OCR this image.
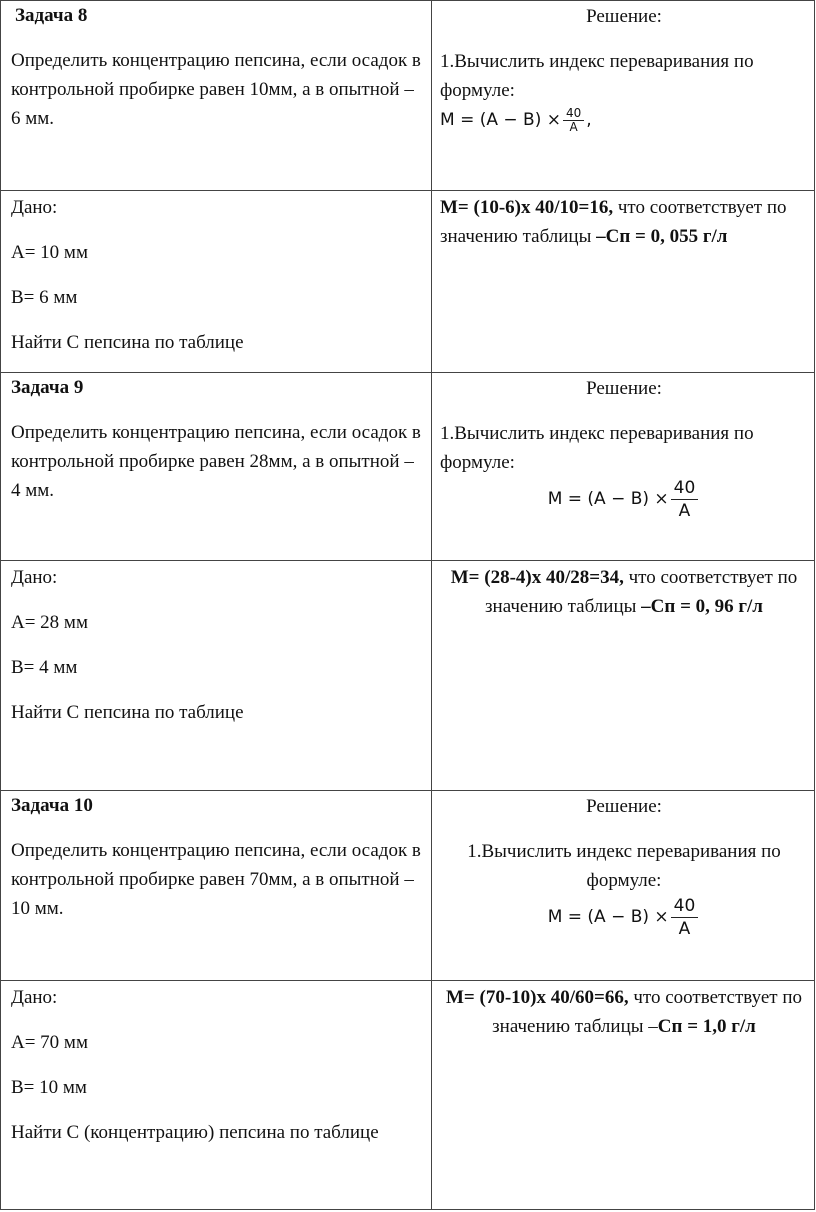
Задача 8
Определить концентрацию пепсина, если осадок в контрольной пробирке равен 10мм, а в опытной – 6 мм.
Решение:
1.Вычислить индекс переваривания по формуле:
$M = (A - B) \times \frac{40}{A}$ ,
Дано:
А= 10 мм
В= 6 мм
Найти С пепсина по таблице
М= (10-6)х 40/10=16, что соответствует по значению таблицы –Сп = 0, 055 г/л
Задача 9
Определить концентрацию пепсина, если осадок в контрольной пробирке равен 28мм, а в опытной – 4 мм.
Решение:
1.Вычислить индекс переваривания по формуле:
$M = (A - B) \times \frac{40}{A}$
Дано:
А= 28 мм
В= 4 мм
Найти С пепсина по таблице
М= (28-4)х 40/28=34, что соответствует по значению таблицы –Сп = 0, 96 г/л
Задача 10
Определить концентрацию пепсина, если осадок в контрольной пробирке равен 70мм, а в опытной – 10 мм.
Решение:
1.Вычислить индекс переваривания по формуле:
$M = (A - B) \times \frac{40}{A}$
Дано:
А= 70 мм
В= 10 мм
Найти С (концентрацию) пепсина по таблице
М= (70-10)х 40/60=66, что соответствует по значению таблицы –Сп = 1,0 г/л
